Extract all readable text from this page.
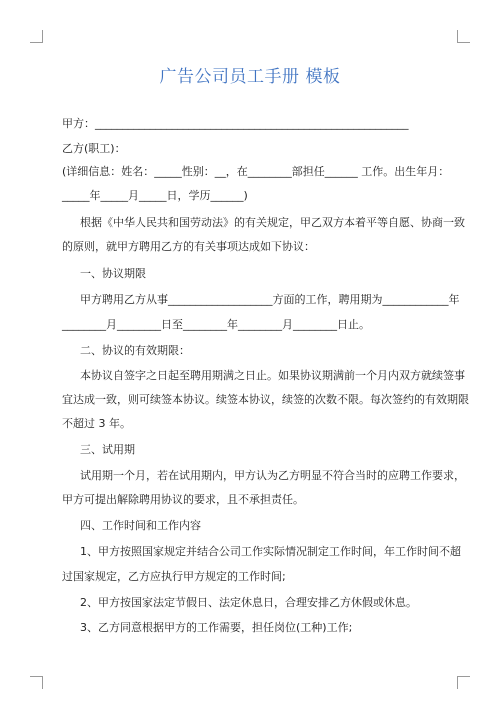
广告公司员工手册 模板
甲方：_________________________________________________________
乙方(职工)：
(详细信息：姓名：_____性别：__，在________部担任______ 工作。出生年月：
_____年_____月_____日，学历______)
根据《中华人民共和国劳动法》的有关规定，甲乙双方本着平等自愿、协商一致
的原则，就甲方聘用乙方的有关事项达成如下协议：
一、协议期限
甲方聘用乙方从事___________________方面的工作，聘用期为____________年
________月________日至________年________月________日止。
二、协议的有效期限：
本协议自签字之日起至聘用期满之日止。如果协议期满前一个月内双方就续签事
宜达成一致，则可续签本协议。续签本协议，续签的次数不限。每次签约的有效期限
不超过 3 年。
三、试用期
试用期一个月，若在试用期内，甲方认为乙方明显不符合当时的应聘工作要求，
甲方可提出解除聘用协议的要求，且不承担责任。
四、工作时间和工作内容
1、甲方按照国家规定并结合公司工作实际情况制定工作时间，年工作时间不超
过国家规定，乙方应执行甲方规定的工作时间;
2、甲方按国家法定节假日、法定休息日，合理安排乙方休假或休息。
3、乙方同意根据甲方的工作需要，担任岗位(工种)工作;
